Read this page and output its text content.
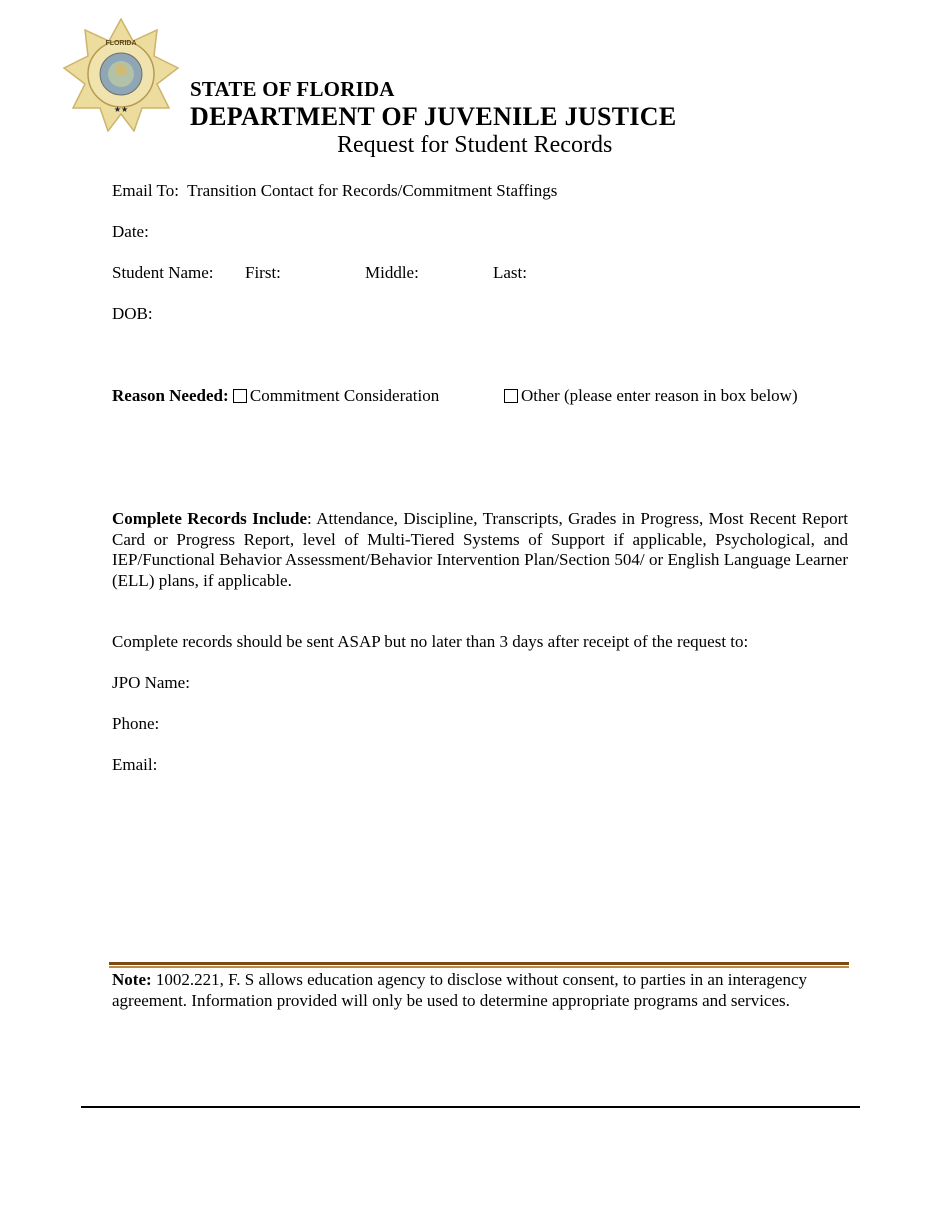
FLORIDA
★★
STATE OF FLORIDA
DEPARTMENT OF JUVENILE JUSTICE
Request for Student Records
Email To: Transition Contact for Records/Commitment Staffings
Date:
Student Name: First:	Middle:	Last:
DOB:
Reason Needed: Commitment Consideration	Other (please enter reason in box below)
Complete Records Include: Attendance, Discipline, Transcripts, Grades in Progress, Most Recent Report Card or Progress Report, level of Multi-Tiered Systems of Support if applicable, Psychological, and IEP/Functional Behavior Assessment/Behavior Intervention Plan/Section 504/ or English Language Learner (ELL) plans, if applicable.
Complete records should be sent ASAP but no later than 3 days after receipt of the request to:
JPO Name:
Phone:
Email:
Note: 1002.221, F. S allows education agency to disclose without consent, to parties in an interagency agreement. Information provided will only be used to determine appropriate programs and services.
